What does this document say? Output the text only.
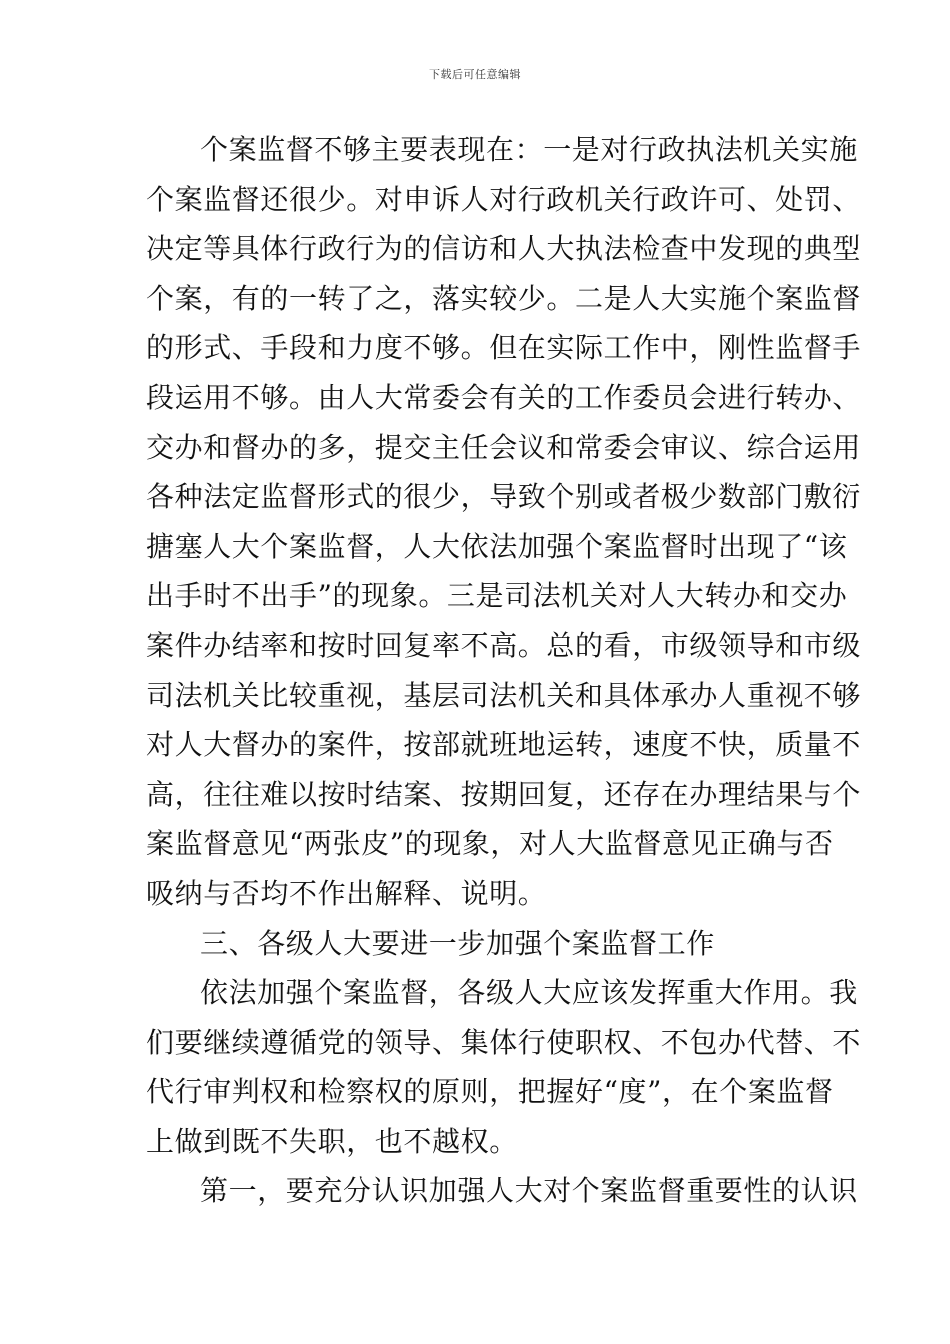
下载后可任意编辑
个案监督不够主要表现在：一是对行政执法机关实施
个案监督还很少。对申诉人对行政机关行政许可、处罚、
决定等具体行政行为的信访和人大执法检查中发现的典型
个案，有的一转了之，落实较少。二是人大实施个案监督
的形式、手段和力度不够。但在实际工作中，刚性监督手
段运用不够。由人大常委会有关的工作委员会进行转办、
交办和督办的多，提交主任会议和常委会审议、综合运用
各种法定监督形式的很少，导致个别或者极少数部门敷衍
搪塞人大个案监督，人大依法加强个案监督时出现了“该
出手时不出手”的现象。三是司法机关对人大转办和交办
案件办结率和按时回复率不高。总的看，市级领导和市级
司法机关比较重视，基层司法机关和具体承办人重视不够
对人大督办的案件，按部就班地运转，速度不快，质量不
高，往往难以按时结案、按期回复，还存在办理结果与个
案监督意见“两张皮”的现象，对人大监督意见正确与否
吸纳与否均不作出解释、说明。
三、各级人大要进一步加强个案监督工作
依法加强个案监督，各级人大应该发挥重大作用。我
们要继续遵循党的领导、集体行使职权、不包办代替、不
代行审判权和检察权的原则，把握好“度”，在个案监督
上做到既不失职，也不越权。
第一，要充分认识加强人大对个案监督重要性的认识
